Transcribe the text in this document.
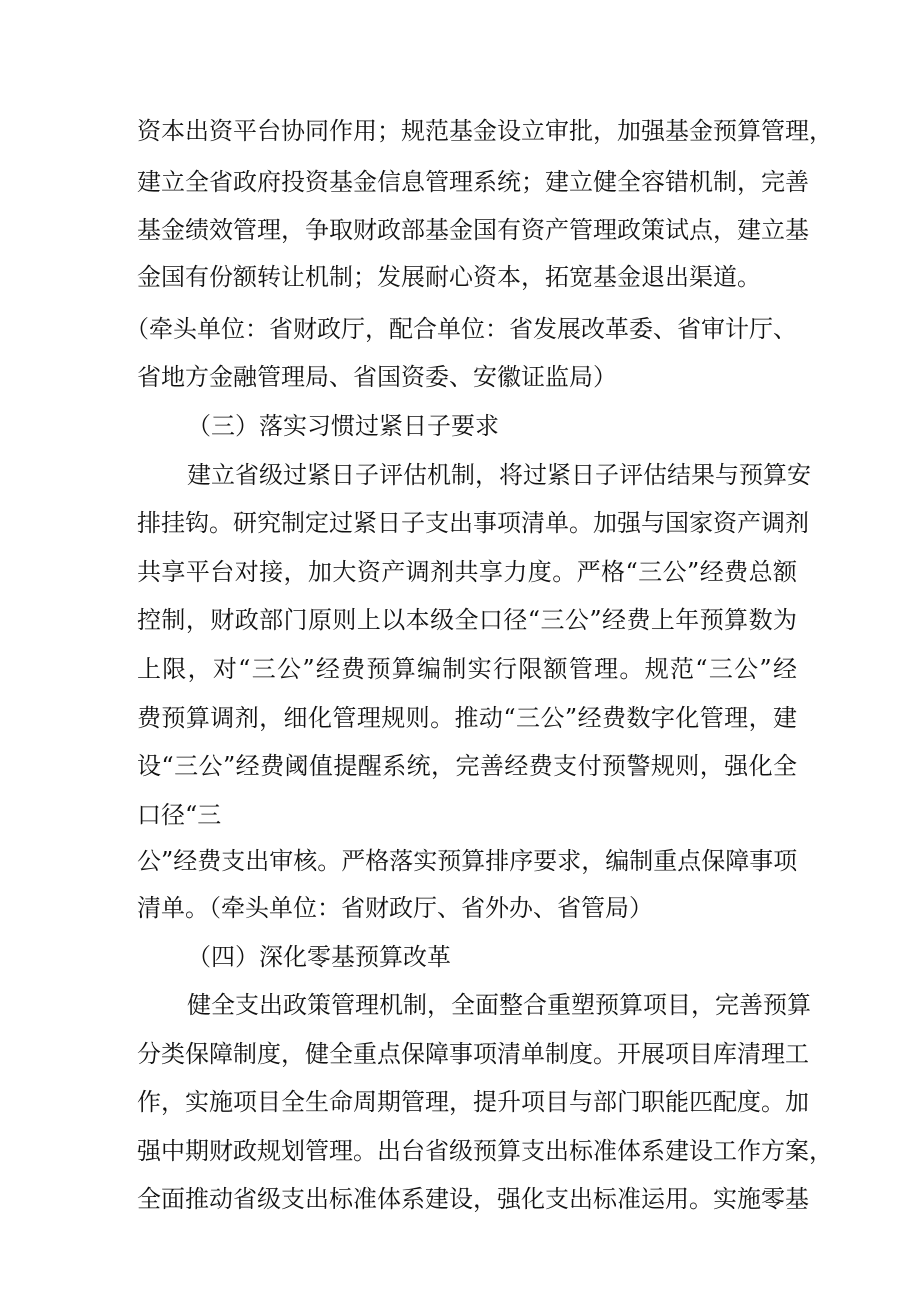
资本出资平台协同作用；规范基金设立审批，加强基金预算管理，
建立全省政府投资基金信息管理系统；建立健全容错机制，完善
基金绩效管理，争取财政部基金国有资产管理政策试点，建立基
金国有份额转让机制；发展耐心资本，拓宽基金退出渠道。
（牵头单位：省财政厅，配合单位：省发展改革委、省审计厅、
省地方金融管理局、省国资委、安徽证监局）
（三）落实习惯过紧日子要求
建立省级过紧日子评估机制，将过紧日子评估结果与预算安
排挂钩。研究制定过紧日子支出事项清单。加强与国家资产调剂
共享平台对接，加大资产调剂共享力度。严格“三公”经费总额
控制，财政部门原则上以本级全口径“三公”经费上年预算数为
上限，对“三公”经费预算编制实行限额管理。规范“三公”经
费预算调剂，细化管理规则。推动“三公”经费数字化管理，建
设“三公”经费阈值提醒系统，完善经费支付预警规则，强化全
口径“三
公”经费支出审核。严格落实预算排序要求，编制重点保障事项
清单。（牵头单位：省财政厅、省外办、省管局）
（四）深化零基预算改革
健全支出政策管理机制，全面整合重塑预算项目，完善预算
分类保障制度，健全重点保障事项清单制度。开展项目库清理工
作，实施项目全生命周期管理，提升项目与部门职能匹配度。加
强中期财政规划管理。出台省级预算支出标准体系建设工作方案，
全面推动省级支出标准体系建设，强化支出标准运用。实施零基
